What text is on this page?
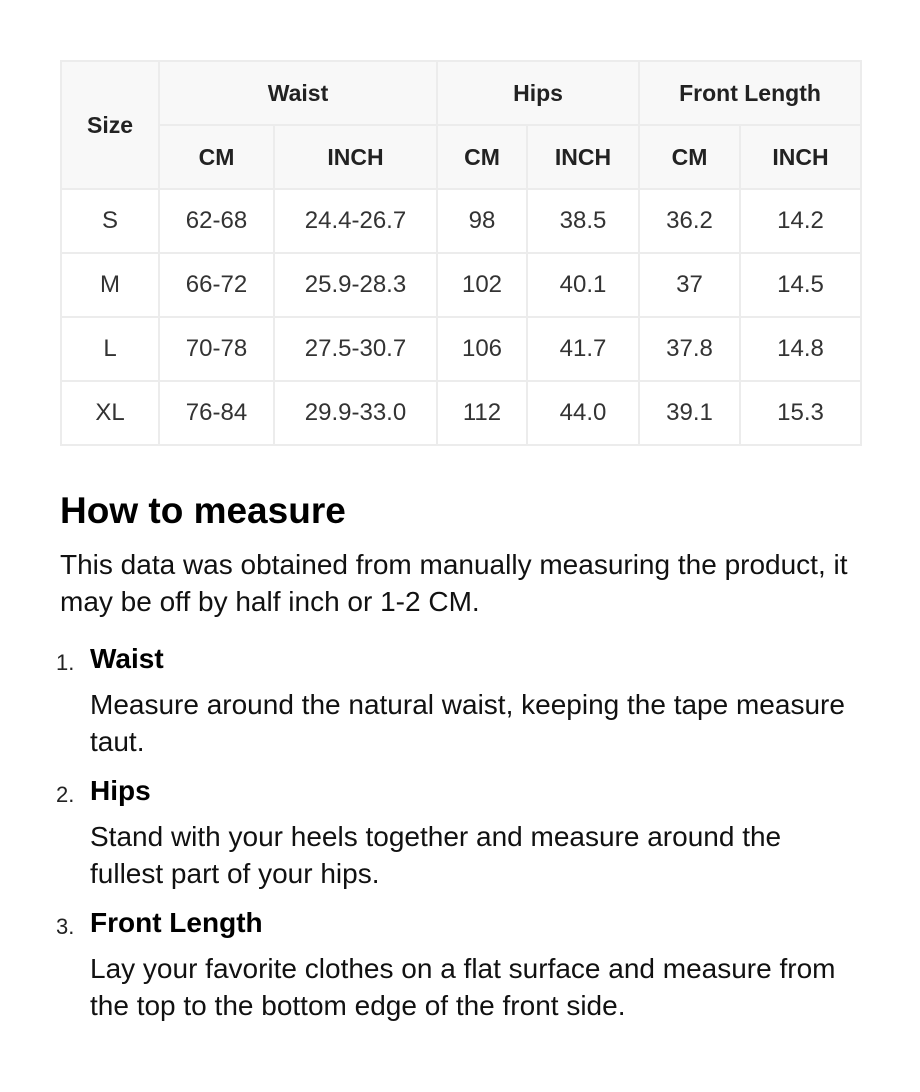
Size	Waist		Hips		Front Length	
	CM	INCH	CM	INCH	CM	INCH
S	62-68	24.4-26.7	98	38.5	36.2	14.2
M	66-72	25.9-28.3	102	40.1	37	14.5
L	70-78	27.5-30.7	106	41.7	37.8	14.8
XL	76-84	29.9-33.0	112	44.0	39.1	15.3
How to measure

This data was obtained from manually measuring the product, it may be off by half inch or 1-2 CM.

1. Waist
Measure around the natural waist, keeping the tape measure taut.
2. Hips
Stand with your heels together and measure around the fullest part of your hips.
3. Front Length
Lay your favorite clothes on a flat surface and measure from the top to the bottom edge of the front side.
